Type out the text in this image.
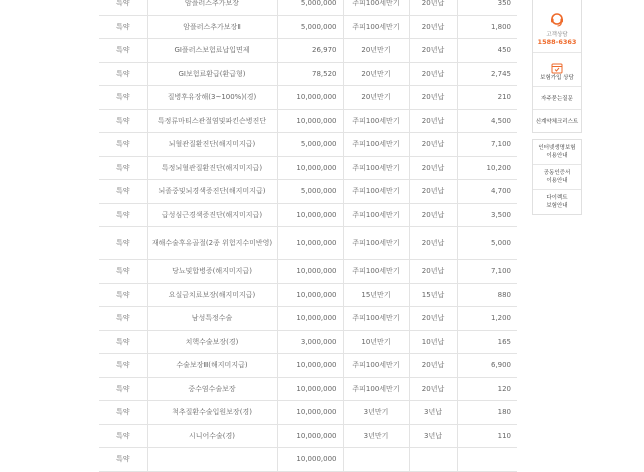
특약	암플러스추가보장	5,000,000	주피100세만기	20년납	350
특약	암플러스추가보장Ⅱ	5,000,000	주피100세만기	20년납	1,800
특약	GI플러스보험료납입면제	26,970	20년만기	20년납	450
특약	GI보험료환급(환급형)	78,520	20년만기	20년납	2,745
특약	질병후유장해(3~100%)(경)	10,000,000	20년만기	20년납	210
특약	특정류마티스관절염및파킨슨병진단	10,000,000	주피100세만기	20년납	4,500
특약	뇌혈관질환진단(해지미지급)	5,000,000	주피100세만기	20년납	7,100
특약	특정뇌혈관질환진단(해지미지급)	10,000,000	주피100세만기	20년납	10,200
특약	뇌졸중및뇌경색증진단(해지미지급)	5,000,000	주피100세만기	20년납	4,700
특약	급성심근경색증진단(해지미지급)	10,000,000	주피100세만기	20년납	3,500
특약	재해수술후유골절(2종 위험지수미반영)	10,000,000	주피100세만기	20년납	5,000
특약	당뇨및합병증(해지미지급)	10,000,000	주피100세만기	20년납	7,100
특약	요실금치료보장(해지미지급)	10,000,000	15년만기	15년납	880
특약	남성특정수술	10,000,000	주피100세만기	20년납	1,200
특약	치핵수술보장(경)	3,000,000	10년만기	10년납	165
특약	수술보장Ⅲ(해지미지급)	10,000,000	주피100세만기	20년납	6,900
특약	중수염수술보장	10,000,000	주피100세만기	20년납	120
특약	척추질환수술입원보장(경)	10,000,000	3년만기	3년납	180
특약	시니어수술(경)	10,000,000	3년만기	3년납	110
특약		10,000,000			
고객상담
1588-6363
보험가입 상담
자주묻는질문
신계약체크리스트
인터넷생명보험
이용안내
공동인증서
이용안내
다이렉트
보험안내
